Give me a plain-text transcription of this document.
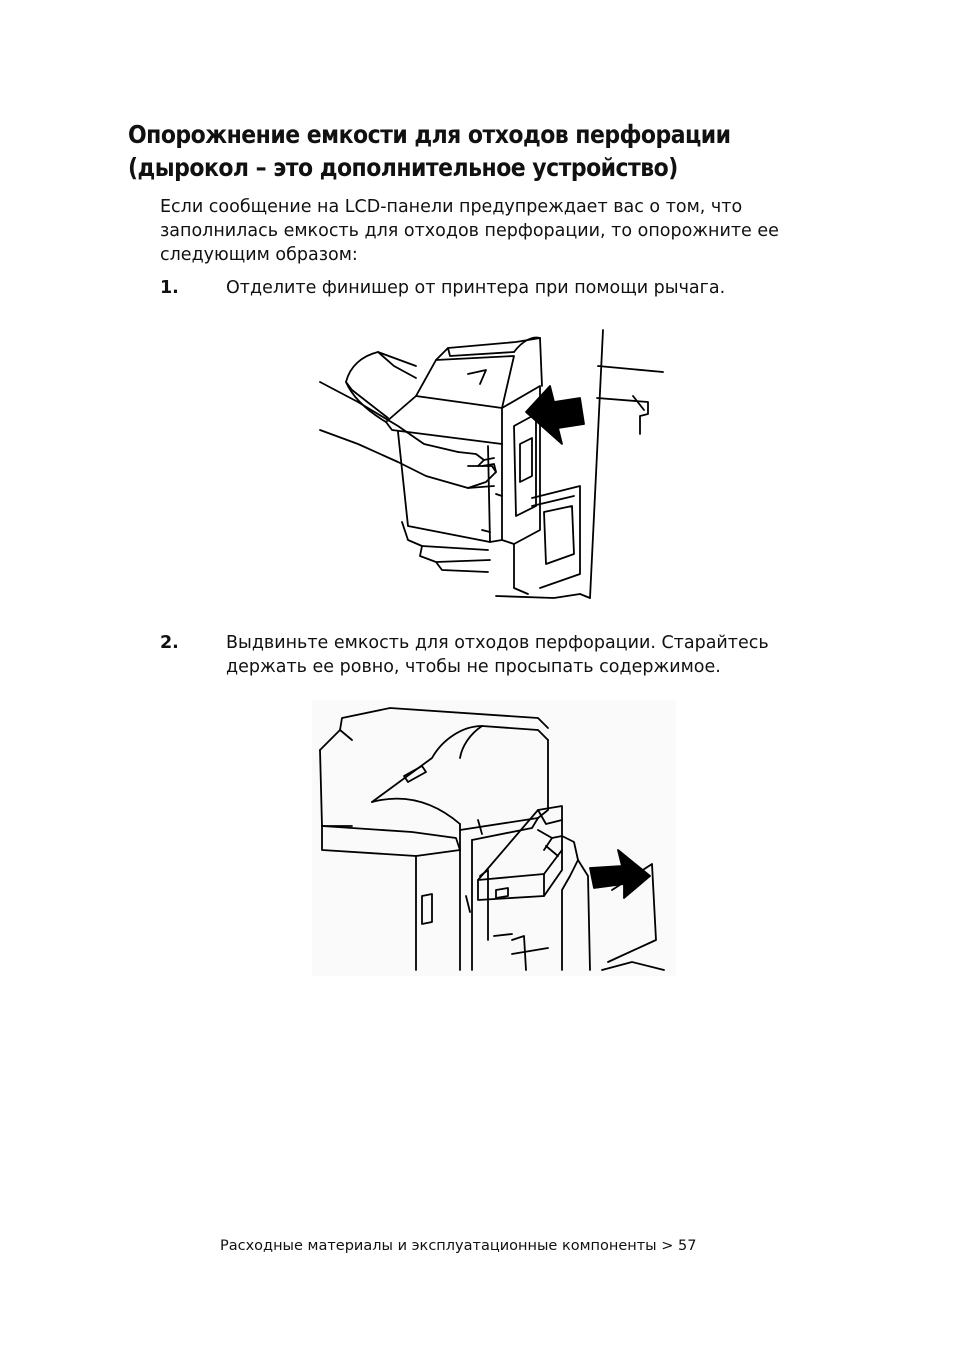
Опорожнение емкости для отходов перфорации
(дырокол – это дополнительное устройство)

Если сообщение на LCD-панели предупреждает вас о том, что
заполнилась емкость для отходов перфорации, то опорожните ее
следующим образом:

1.	Отделите финишер от принтера при помощи рычага.
2.	Выдвиньте емкость для отходов перфорации. Старайтесь
держать ее ровно, чтобы не просыпать содержимое.
Расходные материалы и эксплуатационные компоненты > 57
